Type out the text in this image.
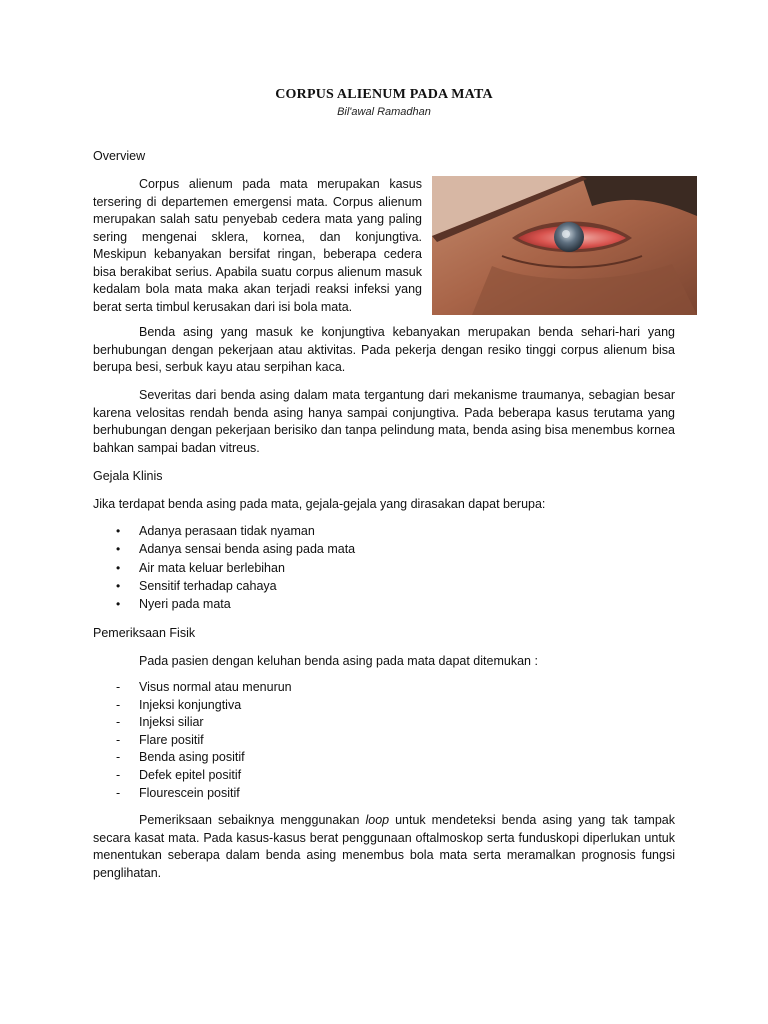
CORPUS ALIENUM PADA MATA
Bil'awal Ramadhan
Overview

Corpus alienum pada mata merupakan kasus tersering di departemen emergensi mata. Corpus alienum merupakan salah satu penyebab cedera mata yang paling sering mengenai sklera, kornea, dan konjungtiva. Meskipun kebanyakan bersifat ringan, beberapa cedera bisa berakibat serius. Apabila suatu corpus alienum masuk kedalam bola mata maka akan terjadi reaksi infeksi yang berat serta timbul kerusakan dari isi bola mata.

Benda asing yang masuk ke konjungtiva kebanyakan merupakan benda sehari-hari yang berhubungan dengan pekerjaan atau aktivitas. Pada pekerja dengan resiko tinggi corpus alienum bisa berupa besi, serbuk kayu atau serpihan kaca.

Severitas dari benda asing dalam mata tergantung dari mekanisme traumanya, sebagian besar karena velositas rendah benda asing hanya sampai conjungtiva. Pada beberapa kasus terutama yang berhubungan dengan pekerjaan berisiko dan tanpa pelindung mata, benda asing bisa menembus kornea bahkan sampai badan vitreus.

Gejala Klinis
Jika terdapat benda asing pada mata, gejala-gejala yang dirasakan dapat berupa:
• Adanya perasaan tidak nyaman
• Adanya sensai benda asing pada mata
• Air mata keluar berlebihan
• Sensitif terhadap cahaya
• Nyeri pada mata
Pemeriksaan Fisik
Pada pasien dengan keluhan benda asing pada mata dapat ditemukan :
- Visus normal atau menurun
- Injeksi konjungtiva
- Injeksi siliar
- Flare positif
- Benda asing positif
- Defek epitel positif
- Flourescein positif

Pemeriksaan sebaiknya menggunakan loop untuk mendeteksi benda asing yang tak tampak secara kasat mata. Pada kasus-kasus berat penggunaan oftalmoskop serta funduskopi diperlukan untuk menentukan seberapa dalam benda asing menembus bola mata serta meramalkan prognosis fungsi penglihatan.
